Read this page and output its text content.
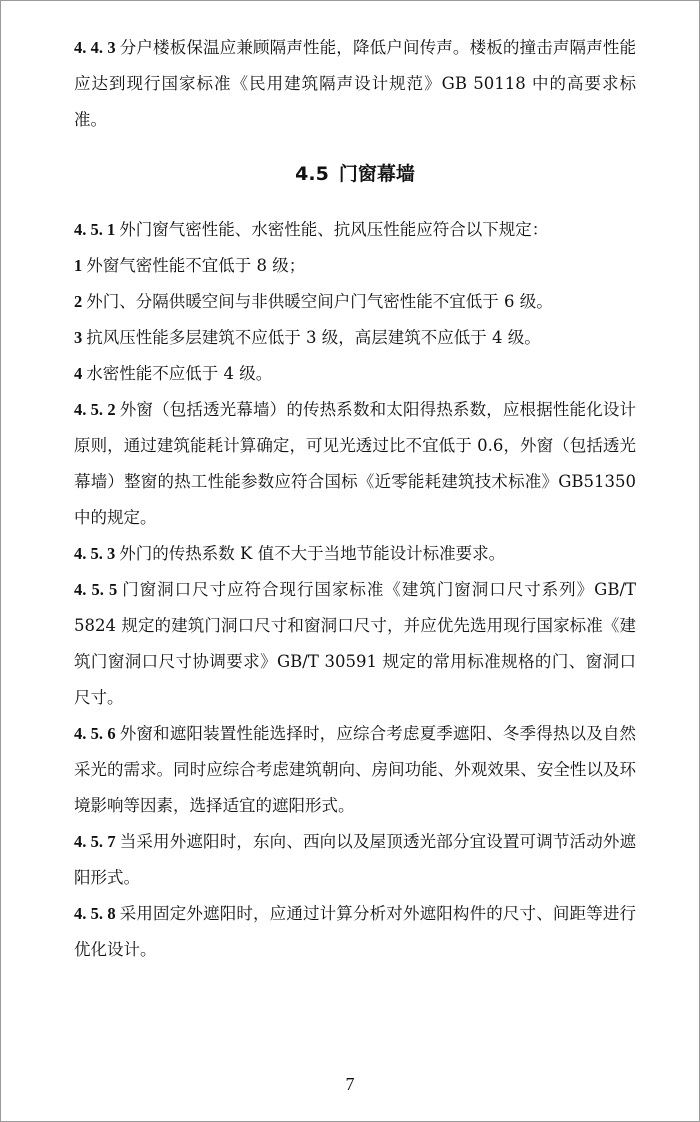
4. 4. 3 分户楼板保温应兼顾隔声性能，降低户间传声。楼板的撞击声隔声性能应达到现行国家标准《民用建筑隔声设计规范》GB 50118 中的高要求标准。

4.5 门窗幕墙

4. 5. 1 外门窗气密性能、水密性能、抗风压性能应符合以下规定：

1 外窗气密性能不宜低于 8 级；

2 外门、分隔供暖空间与非供暖空间户门气密性能不宜低于 6 级。

3 抗风压性能多层建筑不应低于 3 级，高层建筑不应低于 4 级。

4 水密性能不应低于 4 级。

4. 5. 2 外窗（包括透光幕墙）的传热系数和太阳得热系数，应根据性能化设计原则，通过建筑能耗计算确定，可见光透过比不宜低于 0.6，外窗（包括透光幕墙）整窗的热工性能参数应符合国标《近零能耗建筑技术标准》GB51350 中的规定。

4. 5. 3 外门的传热系数 K 值不大于当地节能设计标准要求。

4. 5. 5 门窗洞口尺寸应符合现行国家标准《建筑门窗洞口尺寸系列》GB/T 5824 规定的建筑门洞口尺寸和窗洞口尺寸，并应优先选用现行国家标准《建筑门窗洞口尺寸协调要求》GB/T 30591 规定的常用标准规格的门、窗洞口尺寸。

4. 5. 6 外窗和遮阳装置性能选择时，应综合考虑夏季遮阳、冬季得热以及自然采光的需求。同时应综合考虑建筑朝向、房间功能、外观效果、安全性以及环境影响等因素，选择适宜的遮阳形式。

4. 5. 7 当采用外遮阳时，东向、西向以及屋顶透光部分宜设置可调节活动外遮阳形式。

4. 5. 8 采用固定外遮阳时，应通过计算分析对外遮阳构件的尺寸、间距等进行优化设计。

7
